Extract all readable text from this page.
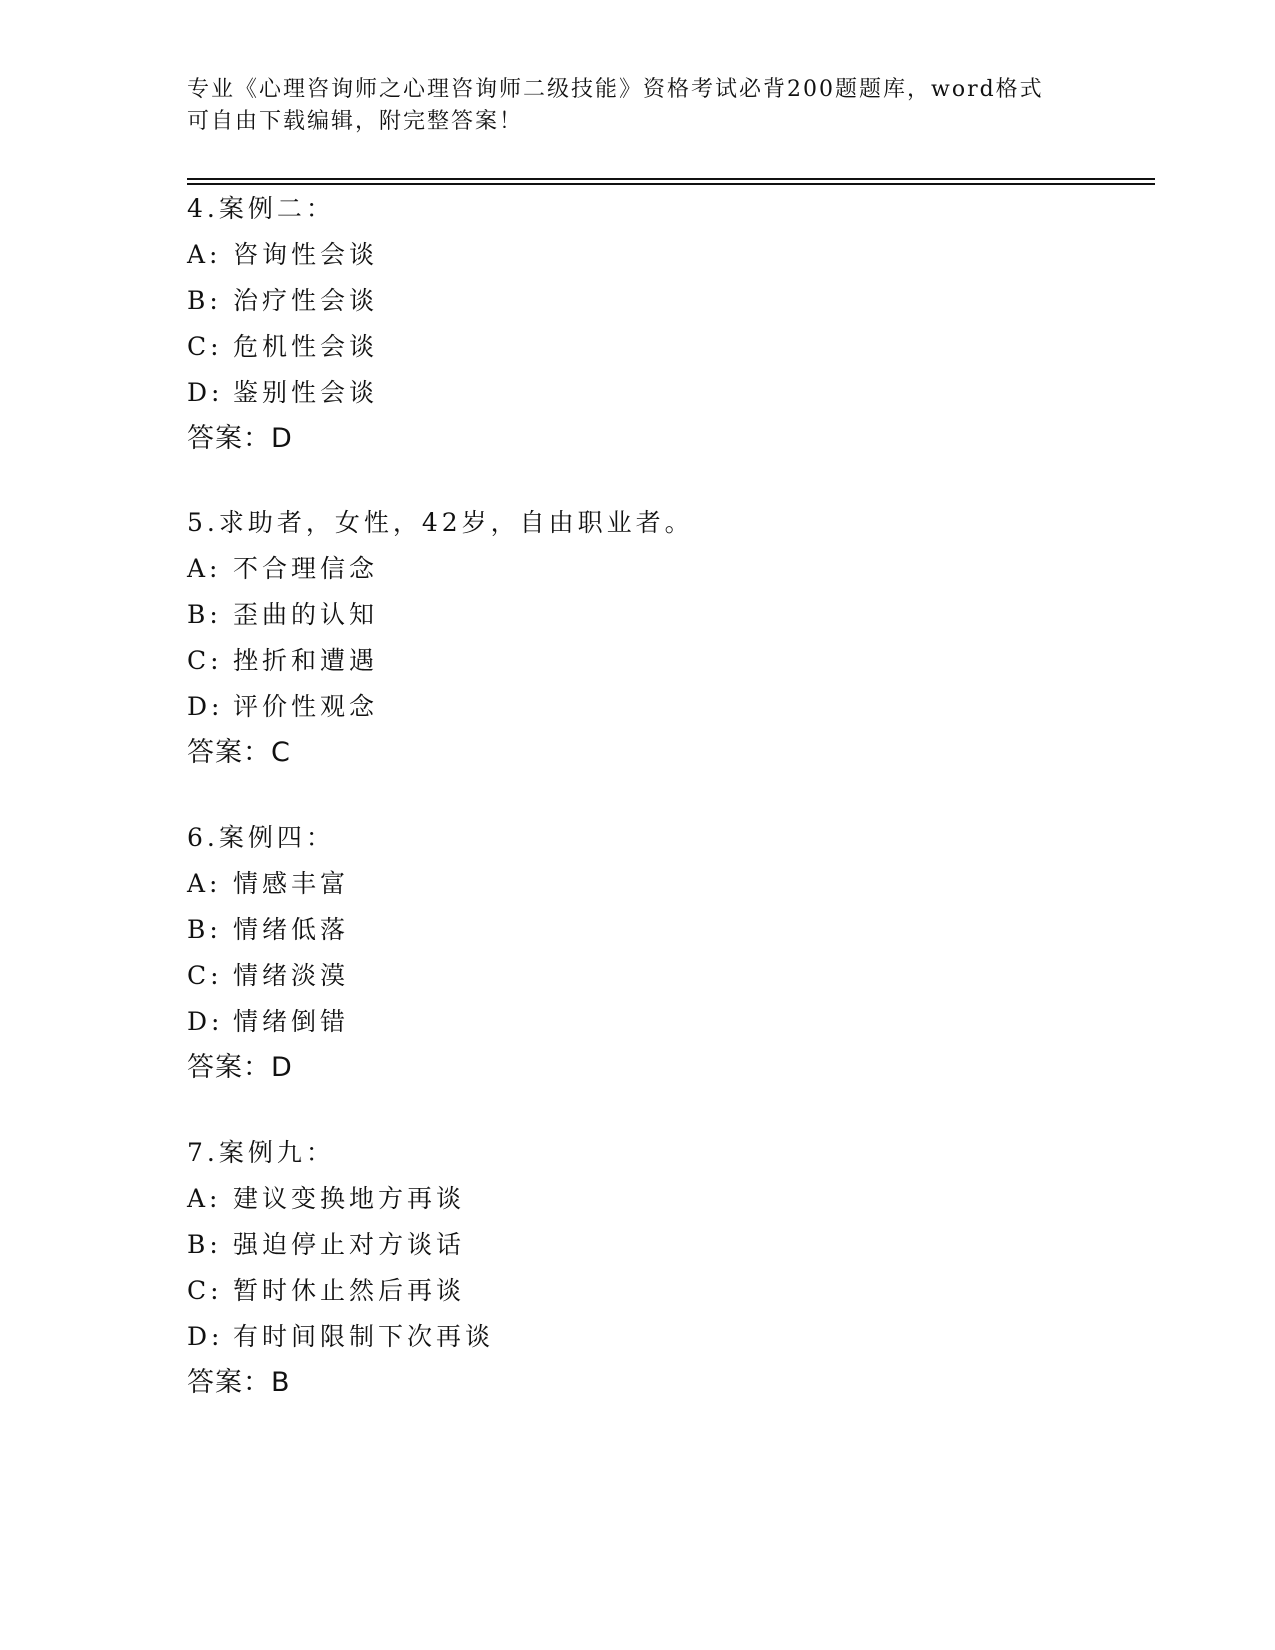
专业《心理咨询师之心理咨询师二级技能》资格考试必背200题题库，word格式
可自由下载编辑，附完整答案！
4.案例二：
A: 咨询性会谈
B: 治疗性会谈
C: 危机性会谈
D: 鉴别性会谈
答案：D
5.求助者，女性，42岁，自由职业者。
A: 不合理信念
B: 歪曲的认知
C: 挫折和遭遇
D: 评价性观念
答案：C
6.案例四：
A: 情感丰富
B: 情绪低落
C: 情绪淡漠
D: 情绪倒错
答案：D
7.案例九：
A: 建议变换地方再谈
B: 强迫停止对方谈话
C: 暂时休止然后再谈
D: 有时间限制下次再谈
答案：B
